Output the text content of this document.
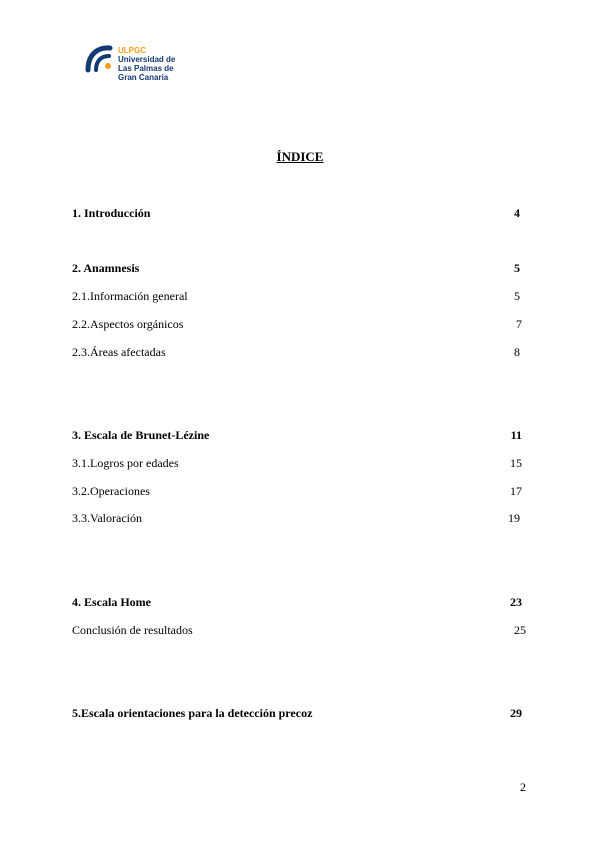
ULPGC
Universidad de
Las Palmas de
Gran Canaria
ÍNDICE
1. Introducción	4
2. Anamnesis	5
2.1.Información general	5
2.2.Aspectos orgánicos	7
2.3.Áreas afectadas	8
3. Escala de Brunet-Lézine	11
3.1.Logros por edades	15
3.2.Operaciones	17
3.3.Valoración	19
4. Escala Home	23
Conclusión de resultados	25
5.Escala orientaciones para la detección precoz	29
2
